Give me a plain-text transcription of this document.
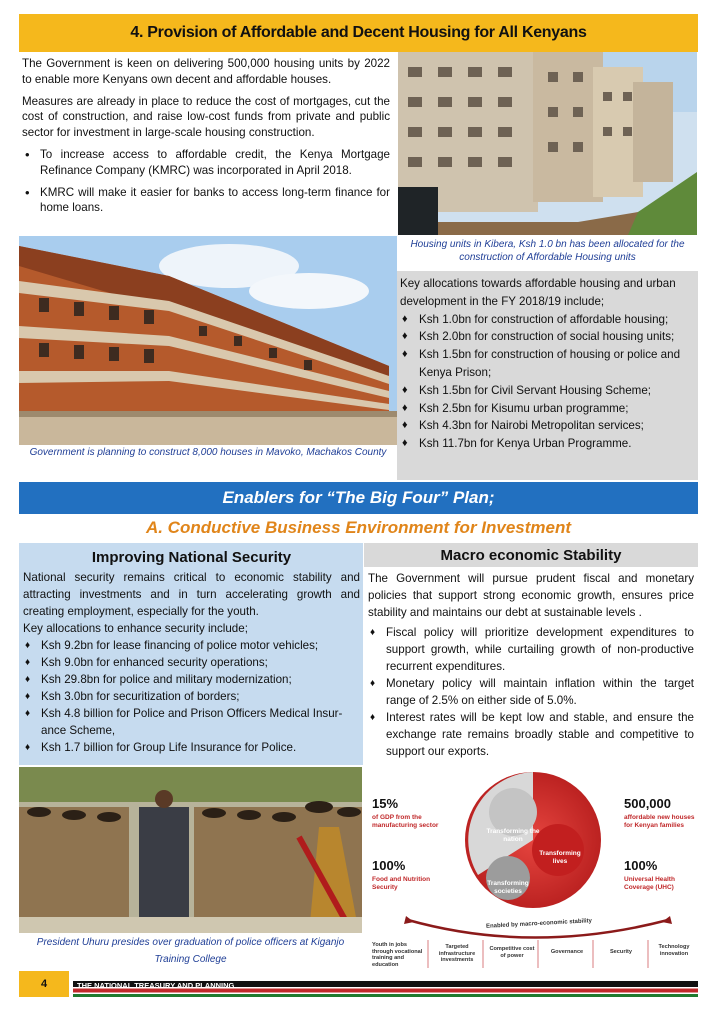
4. Provision of Affordable and Decent Housing for All Kenyans

The Government is keen on delivering 500,000 housing units by 2022 to enable more Kenyans own decent and affordable houses.

Measures are already in place to reduce the cost of mortgages, cut the cost of construction, and raise low-cost funds from private and public sector for investment in large-scale housing construction.

• To increase access to affordable credit, the Kenya Mortgage Refinance Company (KMRC) was incorporated in April 2018.
• KMRC will make it easier for banks to access long-term finance for home loans.
Housing units in Kibera, Ksh 1.0 bn has been allocated for the construction of Affordable Housing units
Government is planning to construct 8,000 houses in Mavoko, Machakos County
Key allocations towards affordable housing and urban development in the FY 2018/19 include;
♦ Ksh 1.0bn for construction of affordable housing;
♦ Ksh 2.0bn for construction of social housing units;
♦ Ksh 1.5bn for construction of housing or police and Kenya Prison;
♦ Ksh 1.5bn for Civil Servant Housing Scheme;
♦ Ksh 2.5bn for Kisumu urban programme;
♦ Ksh 4.3bn for Nairobi Metropolitan services;
♦ Ksh 11.7bn for Kenya Urban Programme.
Enablers for “The Big Four” Plan;
A. Conductive Business Environment for Investment
Improving National Security

National security remains critical to economic stability and attracting investments and in turn accelerating growth and creating employment, especially for the youth.

Key allocations to enhance security include;
♦ Ksh 9.2bn for lease financing of police motor vehicles;
♦ Ksh 9.0bn for enhanced security operations;
♦ Ksh 29.8bn for police and military modernization;
♦ Ksh 3.0bn for securitization of borders;
♦ Ksh 4.8 billion for Police and Prison Officers Medical Insur- ance Scheme,
♦ Ksh 1.7 billion for Group Life Insurance for Police.
Macro economic Stability

The Government will pursue prudent fiscal and monetary policies that support strong economic growth, ensures price stability and maintains our debt at sustainable levels .

♦ Fiscal policy will prioritize development expenditures to support growth, while curtailing growth of non-productive recurrent expenditures.
♦ Monetary policy will maintain inflation within the target range of 2.5% on either side of 5.0%.
♦ Interest rates will be kept low and stable, and ensure the exchange rate remains broadly stable and competitive to support our exports.
President Uhuru presides over graduation of police officers at Kiganjo Training College
15%
of GDP from the manufacturing sector
500,000
affordable new houses for Kenyan families
100%
Food and Nutrition Security
100%
Universal Health Coverage (UHC)
Transforming the nation
Transforming lives
Transforming societies
Enabled by macro-economic stability
Youth in jobs through vocational training and education
Targeted infrastructure investments
Competitive cost of power
Governance	Security
Technology innovation
4	THE NATIONAL TREASURY AND PLANNING
